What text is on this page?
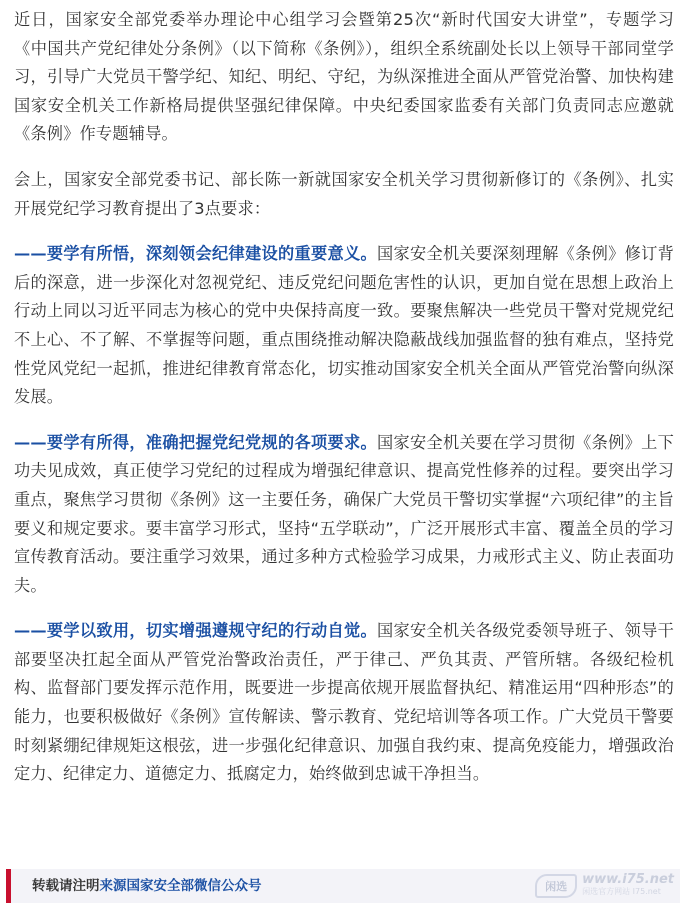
近日，国家安全部党委举办理论中心组学习会暨第25次“新时代国安大讲堂”，专题学习《中国共产党纪律处分条例》（以下简称《条例》），组织全系统副处长以上领导干部同堂学习，引导广大党员干警学纪、知纪、明纪、守纪，为纵深推进全面从严管党治警、加快构建国家安全机关工作新格局提供坚强纪律保障。中央纪委国家监委有关部门负责同志应邀就《条例》作专题辅导。

会上，国家安全部党委书记、部长陈一新就国家安全机关学习贯彻新修订的《条例》、扎实开展党纪学习教育提出了3点要求：

——要学有所悟，深刻领会纪律建设的重要意义。国家安全机关要深刻理解《条例》修订背后的深意，进一步深化对忽视党纪、违反党纪问题危害性的认识，更加自觉在思想上政治上行动上同以习近平同志为核心的党中央保持高度一致。要聚焦解决一些党员干警对党规党纪不上心、不了解、不掌握等问题，重点围绕推动解决隐蔽战线加强监督的独有难点，坚持党性党风党纪一起抓，推进纪律教育常态化，切实推动国家安全机关全面从严管党治警向纵深发展。

——要学有所得，准确把握党纪党规的各项要求。国家安全机关要在学习贯彻《条例》上下功夫见成效，真正使学习党纪的过程成为增强纪律意识、提高党性修养的过程。要突出学习重点，聚焦学习贯彻《条例》这一主要任务，确保广大党员干警切实掌握“六项纪律”的主旨要义和规定要求。要丰富学习形式，坚持“五学联动”，广泛开展形式丰富、覆盖全员的学习宣传教育活动。要注重学习效果，通过多种方式检验学习成果，力戒形式主义、防止表面功夫。

——要学以致用，切实增强遵规守纪的行动自觉。国家安全机关各级党委领导班子、领导干部要坚决扛起全面从严管党治警政治责任，严于律己、严负其责、严管所辖。各级纪检机构、监督部门要发挥示范作用，既要进一步提高依规开展监督执纪、精准运用“四种形态”的能力，也要积极做好《条例》宣传解读、警示教育、党纪培训等各项工作。广大党员干警要时刻紧绷纪律规矩这根弦，进一步强化纪律意识、加强自我约束、提高免疫能力，增强政治定力、纪律定力、道德定力、抵腐定力，始终做到忠诚干净担当。

转载请注明来源国家安全部微信公众号	闲选	www.i75.net
闲选官方网站 I75.net
